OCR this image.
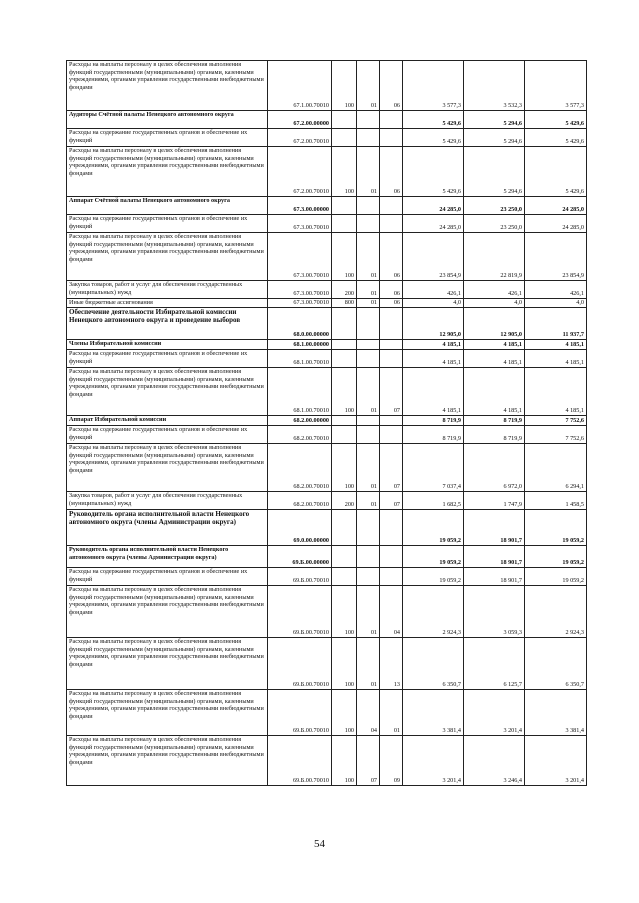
Расходы на выплаты персоналу в целях обеспечения выполнения функций государственными (муниципальными) органами, казенными учреждениями, органами управления государственными внебюджетными фондами	67.1.00.70010	100	01	06	3 577,3	3 532,3	3 577,3
Аудиторы Счётной палаты Ненецкого автономного округа	67.2.00.00000				5 429,6	5 294,6	5 429,6
Расходы на содержание государственных органов и обеспечение их функций	67.2.00.70010				5 429,6	5 294,6	5 429,6
Расходы на выплаты персоналу в целях обеспечения выполнения функций государственными (муниципальными) органами, казенными учреждениями, органами управления государственными внебюджетными фондами	67.2.00.70010	100	01	06	5 429,6	5 294,6	5 429,6
Аппарат Счётной палаты Ненецкого автономного округа	67.3.00.00000				24 285,0	23 250,0	24 285,0
Расходы на содержание государственных органов и обеспечение их функций	67.3.00.70010				24 285,0	23 250,0	24 285,0
Расходы на выплаты персоналу в целях обеспечения выполнения функций государственными (муниципальными) органами, казенными учреждениями, органами управления государственными внебюджетными фондами	67.3.00.70010	100	01	06	23 854,9	22 819,9	23 854,9
Закупка товаров, работ и услуг для обеспечения государственных (муниципальных) нужд	67.3.00.70010	200	01	06	426,1	426,1	426,1
Иные бюджетные ассигнования	67.3.00.70010	800	01	06	4,0	4,0	4,0
Обеспечение деятельности Избирательной комиссии Ненецкого автономного округа и проведение выборов	68.0.00.00000				12 905,0	12 905,0	11 937,7
Члены Избирательной комиссии	68.1.00.00000				4 185,1	4 185,1	4 185,1
Расходы на содержание государственных органов и обеспечение их функций	68.1.00.70010				4 185,1	4 185,1	4 185,1
Расходы на выплаты персоналу в целях обеспечения выполнения функций государственными (муниципальными) органами, казенными учреждениями, органами управления государственными внебюджетными фондами	68.1.00.70010	100	01	07	4 185,1	4 185,1	4 185,1
Аппарат Избирательной комиссии	68.2.00.00000				8 719,9	8 719,9	7 752,6
Расходы на содержание государственных органов и обеспечение их функций	68.2.00.70010				8 719,9	8 719,9	7 752,6
Расходы на выплаты персоналу в целях обеспечения выполнения функций государственными (муниципальными) органами, казенными учреждениями, органами управления государственными внебюджетными фондами	68.2.00.70010	100	01	07	7 037,4	6 972,0	6 294,1
Закупка товаров, работ и услуг для обеспечения государственных (муниципальных) нужд	68.2.00.70010	200	01	07	1 682,5	1 747,9	1 458,5
Руководитель органа исполнительной власти Ненецкого автономного округа (члены Администрации округа)	69.0.00.00000				19 059,2	18 901,7	19 059,2
Руководитель органа исполнительной власти Ненецкого автономного округа (члены Администрации округа)	69.Б.00.00000				19 059,2	18 901,7	19 059,2
Расходы на содержание государственных органов и обеспечение их функций	69.Б.00.70010				19 059,2	18 901,7	19 059,2
Расходы на выплаты персоналу в целях обеспечения выполнения функций государственными (муниципальными) органами, казенными учреждениями, органами управления государственными внебюджетными фондами	69.Б.00.70010	100	01	04	2 924,3	3 059,3	2 924,3
Расходы на выплаты персоналу в целях обеспечения выполнения функций государственными (муниципальными) органами, казенными учреждениями, органами управления государственными внебюджетными фондами	69.Б.00.70010	100	01	13	6 350,7	6 125,7	6 350,7
Расходы на выплаты персоналу в целях обеспечения выполнения функций государственными (муниципальными) органами, казенными учреждениями, органами управления государственными внебюджетными фондами	69.Б.00.70010	100	04	01	3 381,4	3 201,4	3 381,4
Расходы на выплаты персоналу в целях обеспечения выполнения функций государственными (муниципальными) органами, казенными учреждениями, органами управления государственными внебюджетными фондами	69.Б.00.70010	100	07	09	3 201,4	3 246,4	3 201,4
54
